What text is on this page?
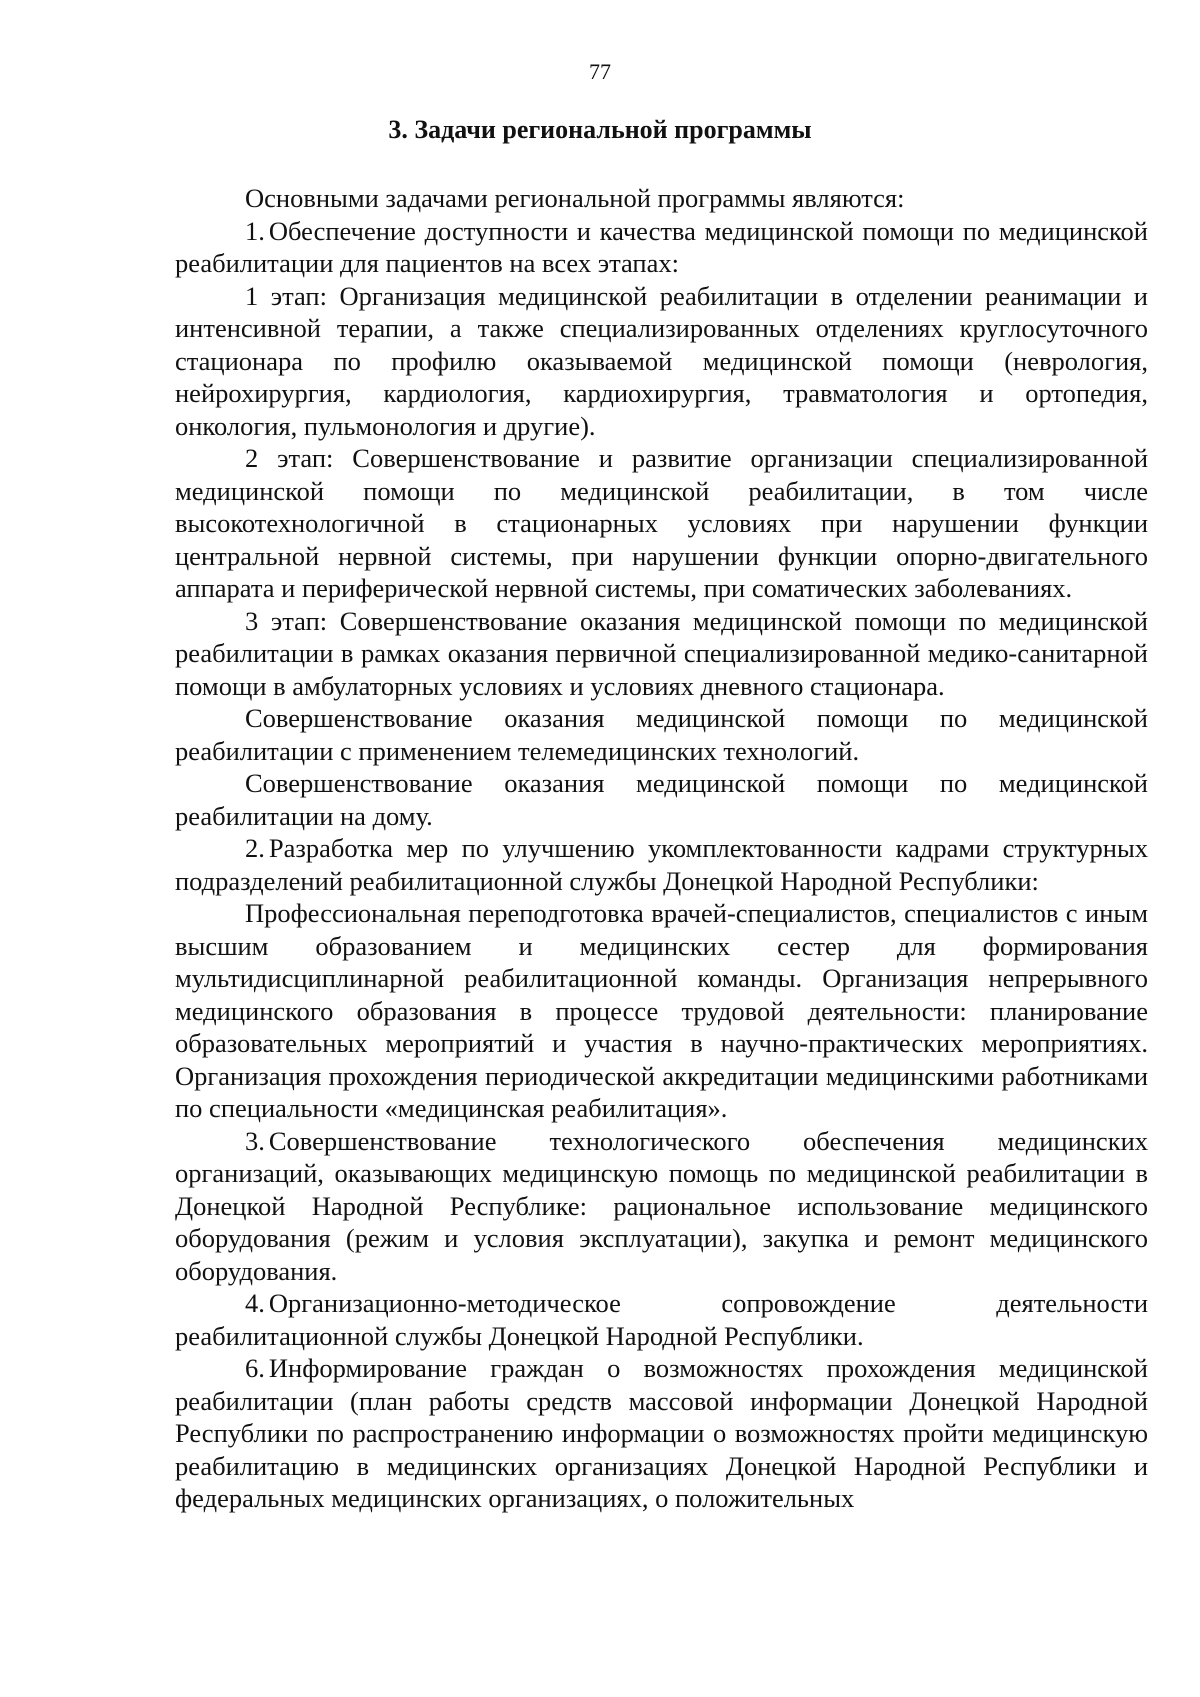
77
3. Задачи региональной программы

Основными задачами региональной программы являются:

1. Обеспечение доступности и качества медицинской помощи по медицинской реабилитации для пациентов на всех этапах:

1 этап: Организация медицинской реабилитации в отделении реанимации и интенсивной терапии, а также специализированных отделениях круглосуточного стационара по профилю оказываемой медицинской помощи (неврология, нейрохирургия, кардиология, кардиохирургия, травматология и ортопедия, онкология, пульмонология и другие).

2 этап: Совершенствование и развитие организации специализированной медицинской помощи по медицинской реабилитации, в том числе высокотехнологичной в стационарных условиях при нарушении функции центральной нервной системы, при нарушении функции опорно-двигательного аппарата и периферической нервной системы, при соматических заболеваниях.

3 этап: Совершенствование оказания медицинской помощи по медицинской реабилитации в рамках оказания первичной специализированной медико-санитарной помощи в амбулаторных условиях и условиях дневного стационара.

Совершенствование оказания медицинской помощи по медицинской реабилитации с применением телемедицинских технологий.

Совершенствование оказания медицинской помощи по медицинской реабилитации на дому.

2. Разработка мер по улучшению укомплектованности кадрами структурных подразделений реабилитационной службы Донецкой Народной Республики:

Профессиональная переподготовка врачей-специалистов, специалистов с иным высшим образованием и медицинских сестер для формирования мультидисциплинарной реабилитационной команды. Организация непрерывного медицинского образования в процессе трудовой деятельности: планирование образовательных мероприятий и участия в научно-практических мероприятиях. Организация прохождения периодической аккредитации медицинскими работниками по специальности «медицинская реабилитация».

3. Совершенствование технологического обеспечения медицинских организаций, оказывающих медицинскую помощь по медицинской реабилитации в Донецкой Народной Республике: рациональное использование медицинского оборудования (режим и условия эксплуатации), закупка и ремонт медицинского оборудования.

4. Организационно-методическое сопровождение деятельности реабилитационной службы Донецкой Народной Республики.

6. Информирование граждан о возможностях прохождения медицинской реабилитации (план работы средств массовой информации Донецкой Народной Республики по распространению информации о возможностях пройти медицинскую реабилитацию в медицинских организациях Донецкой Народной Республики и федеральных медицинских организациях, о положительных
